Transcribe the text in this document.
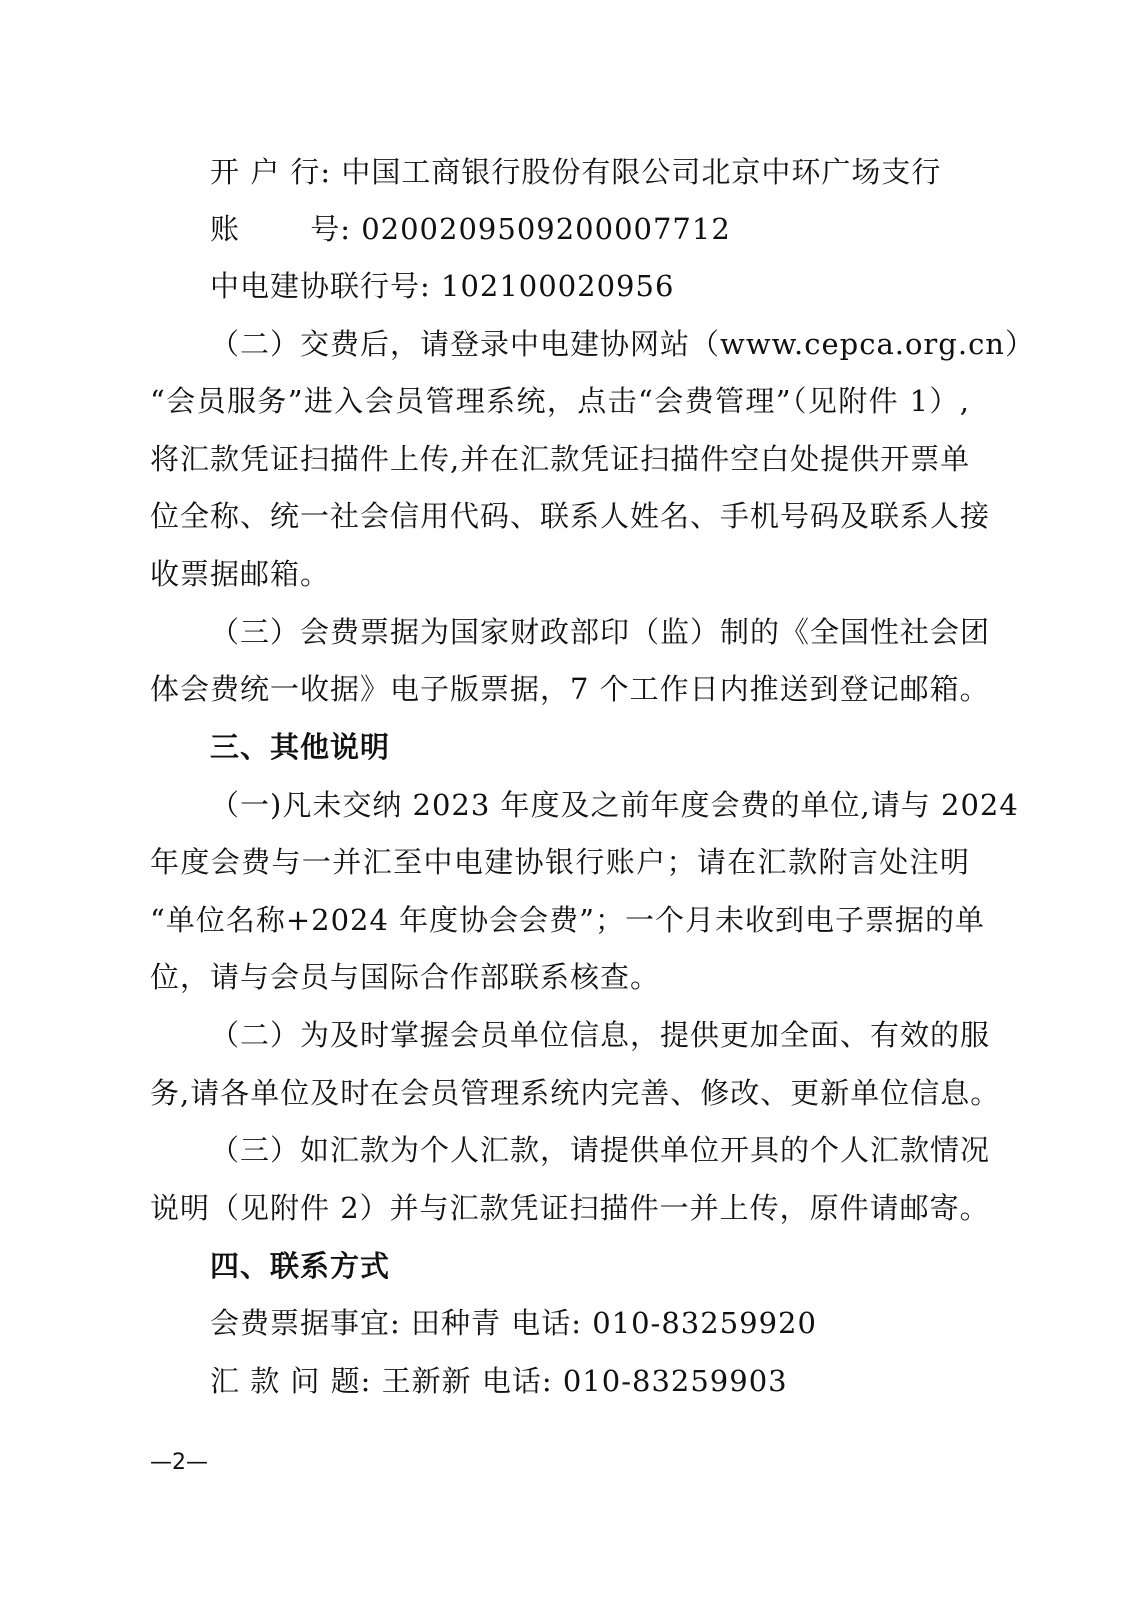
开 户 行: 中国工商银行股份有限公司北京中环广场支行

账　　 号: 0200209509200007712

中电建协联行号: 102100020956

（二）交费后，请登录中电建协网站（www.cepca.org.cn）

“会员服务”进入会员管理系统，点击“会费管理”（见附件 1）,

将汇款凭证扫描件上传,并在汇款凭证扫描件空白处提供开票单

位全称、统一社会信用代码、联系人姓名、手机号码及联系人接

收票据邮箱。

（三）会费票据为国家财政部印（监）制的《全国性社会团

体会费统一收据》电子版票据，7 个工作日内推送到登记邮箱。

三、其他说明

（一)凡未交纳 2023 年度及之前年度会费的单位,请与 2024

年度会费与一并汇至中电建协银行账户；请在汇款附言处注明

“单位名称+2024 年度协会会费”；一个月未收到电子票据的单

位，请与会员与国际合作部联系核查。

（二）为及时掌握会员单位信息，提供更加全面、有效的服

务,请各单位及时在会员管理系统内完善、修改、更新单位信息。

（三）如汇款为个人汇款，请提供单位开具的个人汇款情况

说明（见附件 2）并与汇款凭证扫描件一并上传，原件请邮寄。

四、联系方式

会费票据事宜: 田种青 电话: 010-83259920

汇 款 问 题: 王新新 电话: 010-83259903

—2—
